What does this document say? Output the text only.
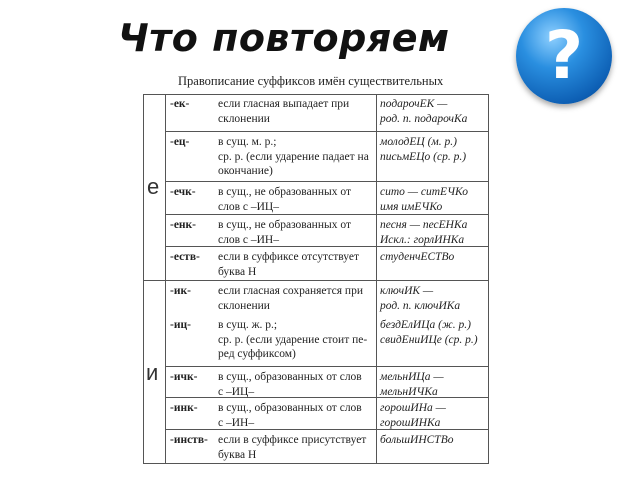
Что повторяем	?
Правописание суффиксов имён существительных
е
и
-ек- если гласная выпадает при
склонении
подарочЕК —
род. п. подарочКа
-ец- в сущ. м. р.;
ср. р. (если ударение падает на
окончание)
молодЕЦ (м. р.)
письмЕЦо (ср. р.)
-ечк- в сущ., не образованных от
слов с –ИЦ–
сито — ситЕЧКо
имя имЕЧКо
-енк- в сущ., не образованных от
слов с –ИН–
песня — песЕНКа
Искл.: горлИНКа
-еств- если в суффиксе отсутствует
буква Н
студенчЕСТВо
-ик- если гласная сохраняется при
склонении
ключИК —
род. п. ключИКа
-иц- в сущ. ж. р.;
ср. р. (если ударение стоит пе-
ред суффиксом)
бездЕлИЦа (ж. р.)
свидЕниИЦе (ср. р.)
-ичк- в сущ., образованных от слов
с –ИЦ–
мельнИЦа —
мельнИЧКа
-инк- в сущ., образованных от слов
с –ИН–
горошИНа —
горошИНКа
-инств- если в суффиксе присутствует
буква Н
большИНСТВо
